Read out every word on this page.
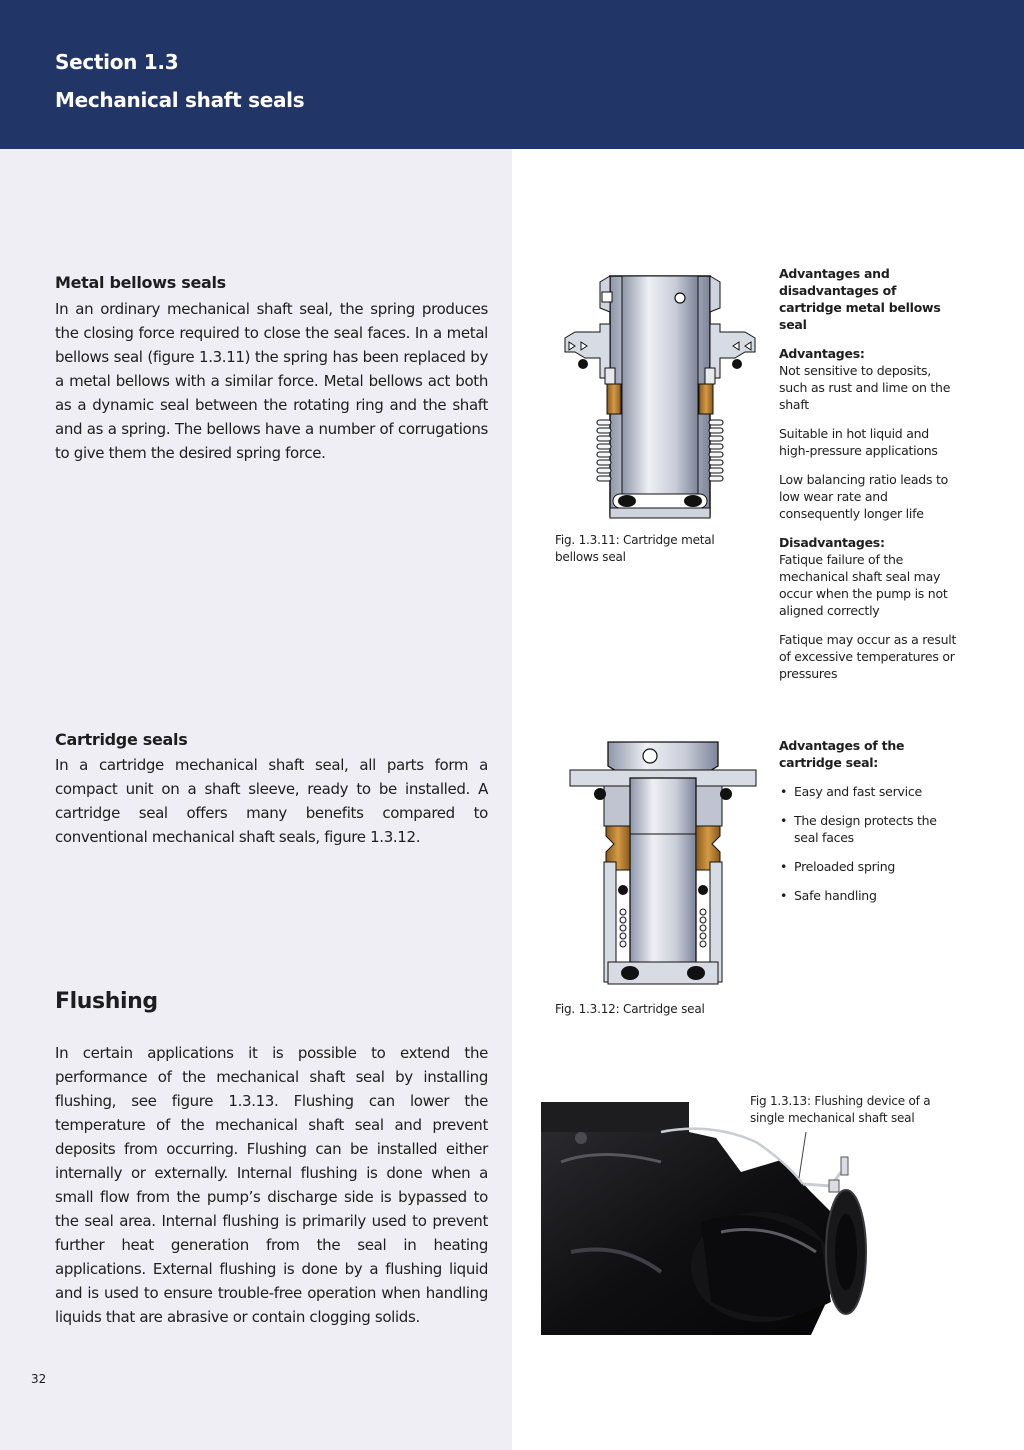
Section 1.3
Mechanical shaft seals
Metal bellows seals
In an ordinary mechanical shaft seal, the spring produces the closing force required to close the seal faces. In a metal bellows seal (figure 1.3.11) the spring has been replaced by a metal bellows with a similar force. Metal bellows act both as a dynamic seal between the rotating ring and the shaft and as a spring. The bellows have a number of corrugations to give them the desired spring force.
Fig. 1.3.11: Cartridge metal bellows seal

Advantages and disadvantages of cartridge metal bellows seal

Advantages:
Not sensitive to deposits, such as rust and lime on the shaft

Suitable in hot liquid and high-pressure applications

Low balancing ratio leads to low wear rate and consequently longer life

Disadvantages:
Fatique failure of the mechanical shaft seal may occur when the pump is not aligned correctly

Fatique may occur as a result of excessive temperatures or pressures

Cartridge seals
In a cartridge mechanical shaft seal, all parts form a compact unit on a shaft sleeve, ready to be installed. A cartridge seal offers many benefits compared to conventional mechanical shaft seals, figure 1.3.12.
Fig. 1.3.12: Cartridge seal

Advantages of the cartridge seal:

• Easy and fast service
• The design protects the seal faces
• Preloaded spring
• Safe handling
Flushing
In certain applications it is possible to extend the performance of the mechanical shaft seal by installing flushing, see figure 1.3.13. Flushing can lower the temperature of the mechanical shaft seal and prevent deposits from occurring. Flushing can be installed either internally or externally. Internal flushing is done when a small flow from the pump’s discharge side is bypassed to the seal area. Internal flushing is primarily used to prevent further heat generation from the seal in heating applications. External flushing is done by a flushing liquid and is used to ensure trouble-free operation when handling liquids that are abrasive or contain clogging solids.
Fig 1.3.13: Flushing device of a single mechanical shaft seal
32
